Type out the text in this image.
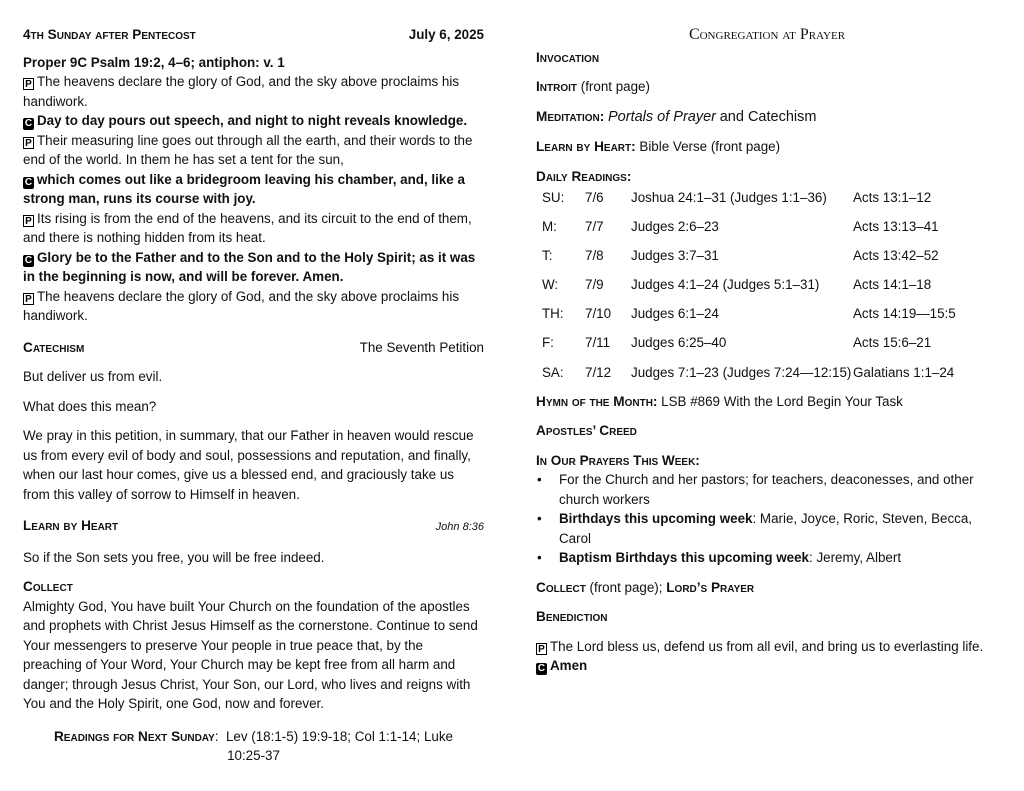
4th Sunday after Pentecost	July 6, 2025

Proper 9C Psalm 19:2, 4–6; antiphon: v. 1

P The heavens declare the glory of God, and the sky above proclaims his handiwork.

C Day to day pours out speech, and night to night reveals knowledge.

P Their measuring line goes out through all the earth, and their words to the end of the world. In them he has set a tent for the sun,

C which comes out like a bridegroom leaving his chamber, and, like a strong man, runs its course with joy.

P Its rising is from the end of the heavens, and its circuit to the end of them, and there is nothing hidden from its heat.

C Glory be to the Father and to the Son and to the Holy Spirit; as it was in the beginning is now, and will be forever. Amen.

P The heavens declare the glory of God, and the sky above proclaims his handiwork.

Catechism	The Seventh Petition

But deliver us from evil.

What does this mean?

We pray in this petition, in summary, that our Father in heaven would rescue us from every evil of body and soul, possessions and reputation, and finally, when our last hour comes, give us a blessed end, and graciously take us from this valley of sorrow to Himself in heaven.

Learn by Heart	John 8:36

So if the Son sets you free, you will be free indeed.

Collect

Almighty God, You have built Your Church on the foundation of the apostles and prophets with Christ Jesus Himself as the cornerstone. Continue to send Your messengers to preserve Your people in true peace that, by the preaching of Your Word, Your Church may be kept free from all harm and danger; through Jesus Christ, Your Son, our Lord, who lives and reigns with You and the Holy Spirit, one God, now and forever.

Readings for Next Sunday:  Lev (18:1-5) 19:9-18; Col 1:1-14; Luke 10:25-37

Congregation at Prayer

Invocation

Introit (front page)

Meditation: Portals of Prayer and Catechism

Learn by Heart: Bible Verse (front page)

Daily Readings:

SU:	7/6	Joshua 24:1–31 (Judges 1:1–36)	Acts 13:1–12
M:	7/7	Judges 2:6–23	Acts 13:13–41
T:	7/8	Judges 3:7–31	Acts 13:42–52
W:	7/9	Judges 4:1–24 (Judges 5:1–31)	Acts 14:1–18
TH:	7/10	Judges 6:1–24	Acts 14:19—15:5
F:	7/11	Judges 6:25–40	Acts 15:6–21
SA:	7/12	Judges 7:1–23 (Judges 7:24—12:15) Galatians 1:1–24

Hymn of the Month: LSB #869 With the Lord Begin Your Task

Apostles’ Creed

In Our Prayers This Week:

• For the Church and her pastors; for teachers, deaconesses, and other church workers
• Birthdays this upcoming week: Marie, Joyce, Roric, Steven, Becca, Carol
• Baptism Birthdays this upcoming week: Jeremy, Albert

Collect (front page); Lord’s Prayer

Benediction

P The Lord bless us, defend us from all evil, and bring us to everlasting life.

C Amen
